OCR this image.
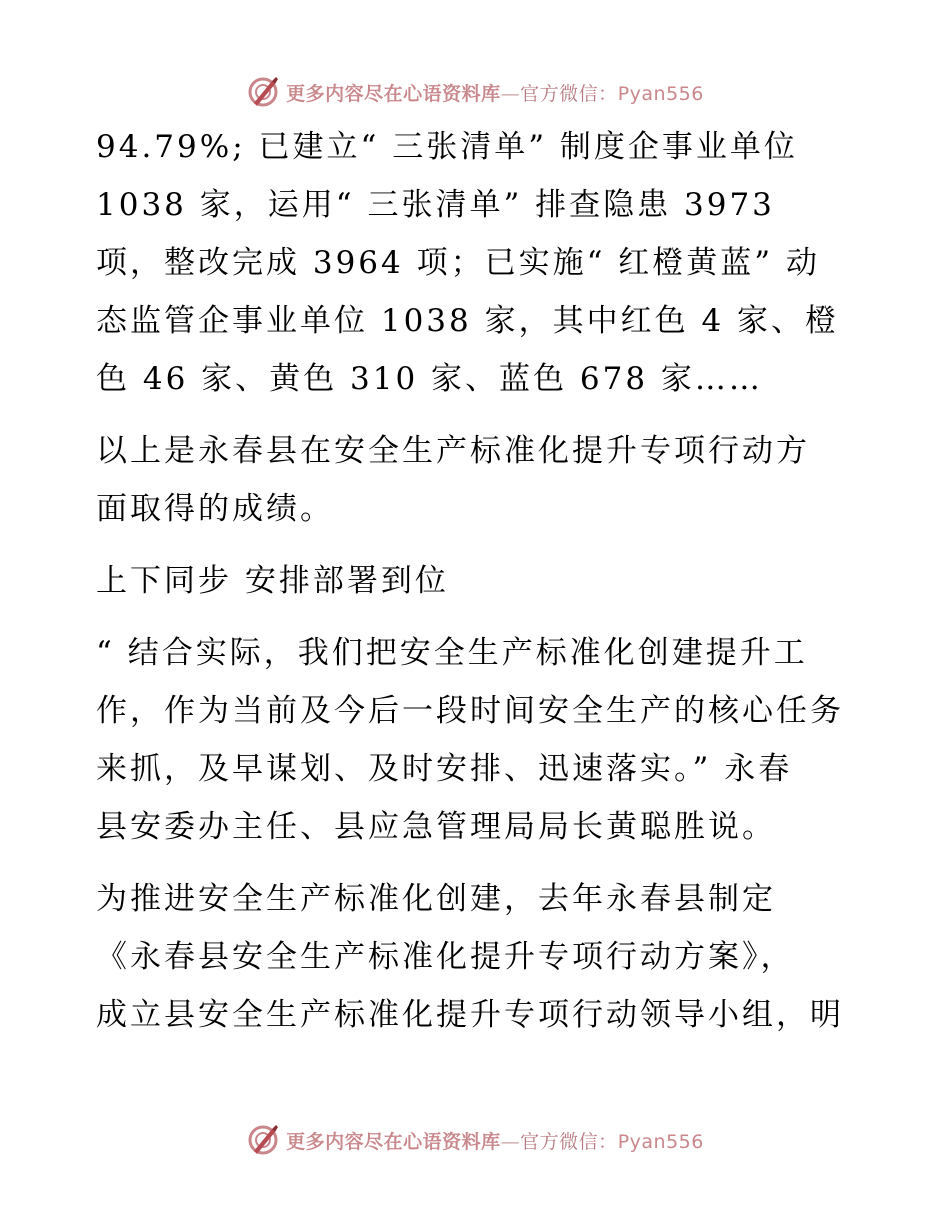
更多内容尽在心语资料库—官方微信：Pyan556

94.79%; 已建立“ 三张清单” 制度企事业单位
1038 家，运用“ 三张清单” 排查隐患 3973
项，整改完成 3964 项；已实施“ 红橙黄蓝” 动
态监管企事业单位 1038 家，其中红色 4 家、橙
色 46 家、黄色 310 家、蓝色 678 家……

以上是永春县在安全生产标准化提升专项行动方
面取得的成绩。

上下同步 安排部署到位

“ 结合实际，我们把安全生产标准化创建提升工
作，作为当前及今后一段时间安全生产的核心任务
来抓，及早谋划、及时安排、迅速落实。” 永春
县安委办主任、县应急管理局局长黄聪胜说。

为推进安全生产标准化创建，去年永春县制定
《永春县安全生产标准化提升专项行动方案》，
成立县安全生产标准化提升专项行动领导小组，明

更多内容尽在心语资料库—官方微信：Pyan556
